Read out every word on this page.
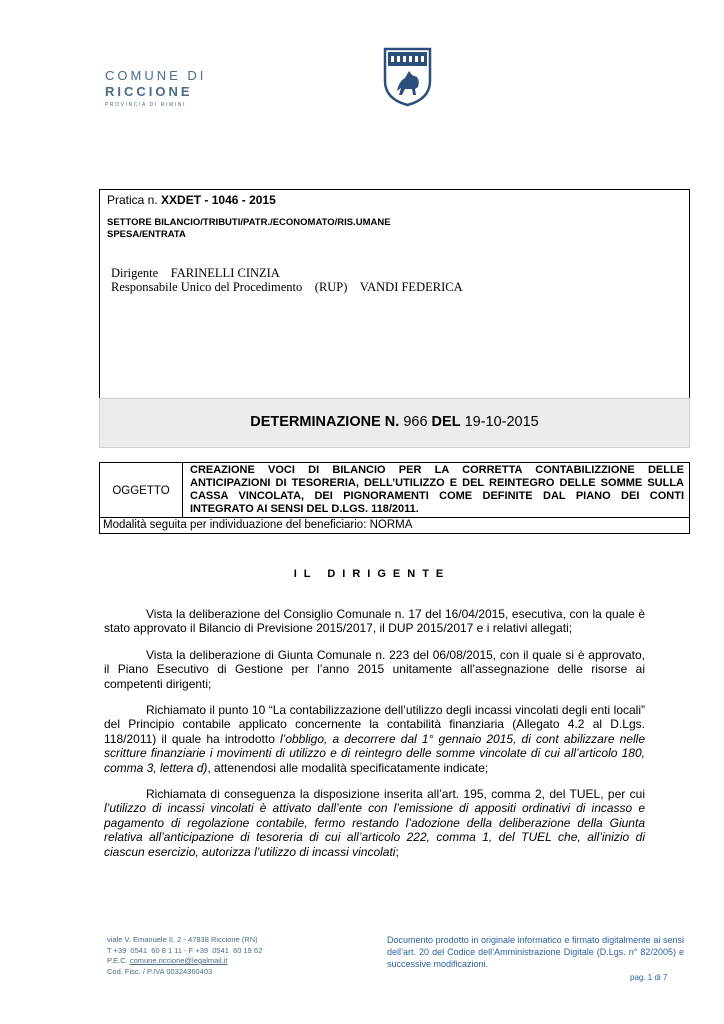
COMUNE DI
RICCIONE
PROVINCIA DI RIMINI
Pratica n. XXDET - 1046 - 2015
SETTORE BILANCIO/TRIBUTI/PATR./ECONOMATO/RIS.UMANE
SPESA/ENTRATA
Dirigente    FARINELLI CINZIA
Responsabile Unico del Procedimento    (RUP)    VANDI FEDERICA
DETERMINAZIONE N. 966 DEL 19-10-2015
OGGETTO
CREAZIONE VOCI DI BILANCIO PER LA CORRETTA CONTABILIZZIONE DELLE ANTICIPAZIONI DI TESORERIA, DELL’UTILIZZO E DEL REINTEGRO DELLE SOMME SULLA CASSA VINCOLATA, DEI PIGNORAMENTI COME DEFINITE DAL PIANO DEI CONTI INTEGRATO AI SENSI DEL D.LGS. 118/2011.
Modalità seguita per individuazione del beneficiario: NORMA
IL DIRIGENTE
Vista la deliberazione del Consiglio Comunale n. 17 del 16/04/2015, esecutiva, con la quale è stato approvato il Bilancio di Previsione 2015/2017, il DUP 2015/2017 e i relativi allegati;
Vista la deliberazione di Giunta Comunale n. 223 del 06/08/2015, con il quale si è approvato, il Piano Esecutivo di Gestione per l’anno 2015 unitamente all’assegnazione delle risorse ai competenti dirigenti;
Richiamato il punto 10 “La contabilizzazione dell’utilizzo degli incassi vincolati degli enti locali” del Principio contabile applicato concernente la contabilità finanziaria (Allegato 4.2 al D.Lgs. 118/2011) il quale ha introdotto l’obbligo, a decorrere dal 1° gennaio 2015, di cont abilizzare nelle scritture finanziarie i movimenti di utilizzo e di reintegro delle somme vincolate di cui all’articolo 180, comma 3, lettera d), attenendosi alle modalità specificatamente indicate;
Richiamata di conseguenza la disposizione inserita all’art. 195, comma 2, del TUEL, per cui l’utilizzo di incassi vincolati è attivato dall’ente con l’emissione di appositi ordinativi di incasso e pagamento di regolazione contabile, fermo restando l’adozione della deliberazione della Giunta relativa all’anticipazione di tesoreria di cui all’articolo 222, comma 1, del TUEL che, all’inizio di ciascun esercizio, autorizza l’utilizzo di incassi vincolati;
viale V. Emanuele II, 2 - 47838 Riccione (RN)
T +39  0541  60 8 1 11 - F +39  0541  60 19 62
P.E.C. comune.riccione@legalmail.it
Cod. Fisc. / P.IVA 00324360403
Documento prodotto in originale informatico e firmato digitalmente ai sensi dell’art. 20 del Codice dell’Amministrazione Digitale (D.Lgs. n° 82/2005) e successive modificazioni.
pag. 1 di 7
